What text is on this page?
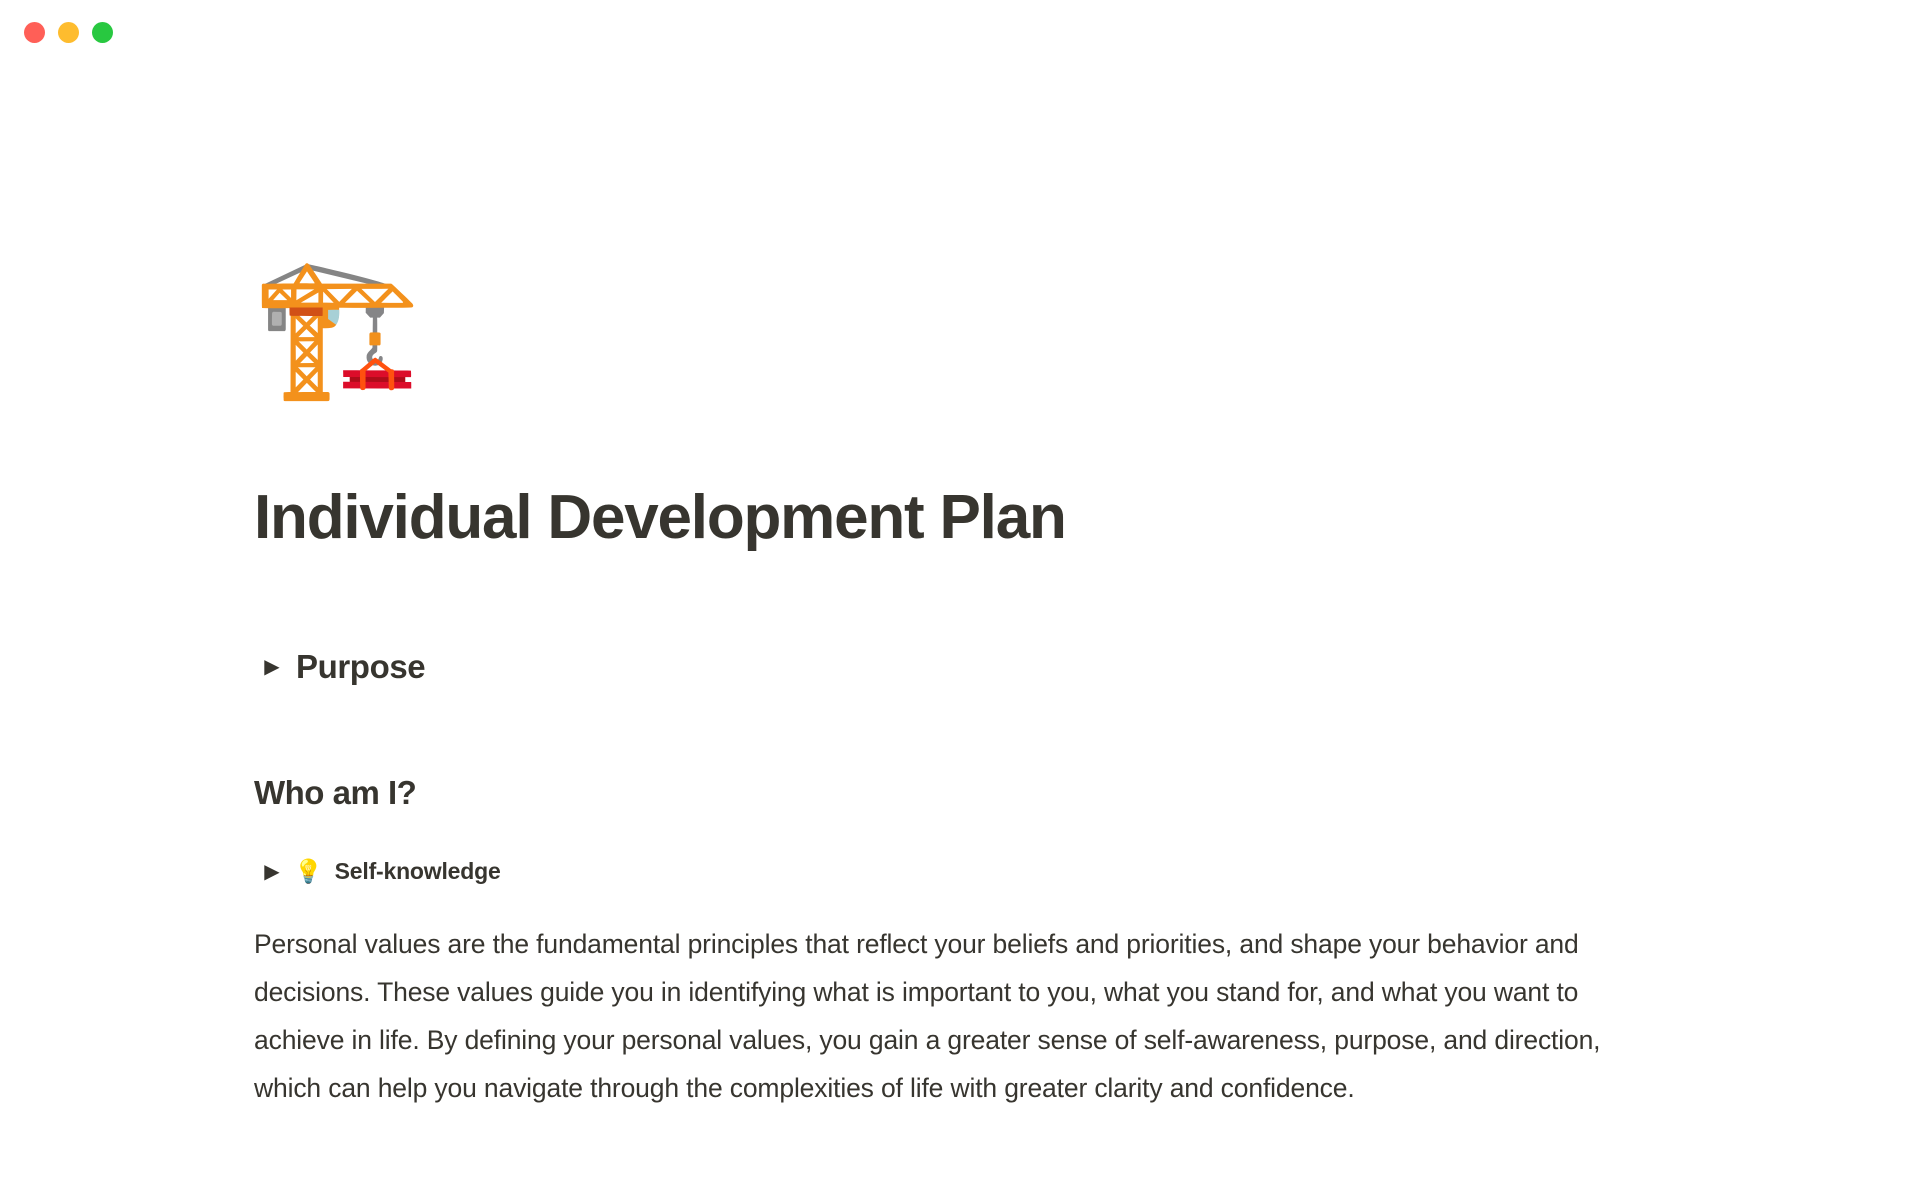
🏗️
Individual Development Plan
▶ Purpose
Who am I?
▶ 💡 Self-knowledge

Personal values are the fundamental principles that reflect your beliefs and priorities, and shape your behavior and decisions. These values guide you in identifying what is important to you, what you stand for, and what you want to achieve in life. By defining your personal values, you gain a greater sense of self-awareness, purpose, and direction, which can help you navigate through the complexities of life with greater clarity and confidence.
